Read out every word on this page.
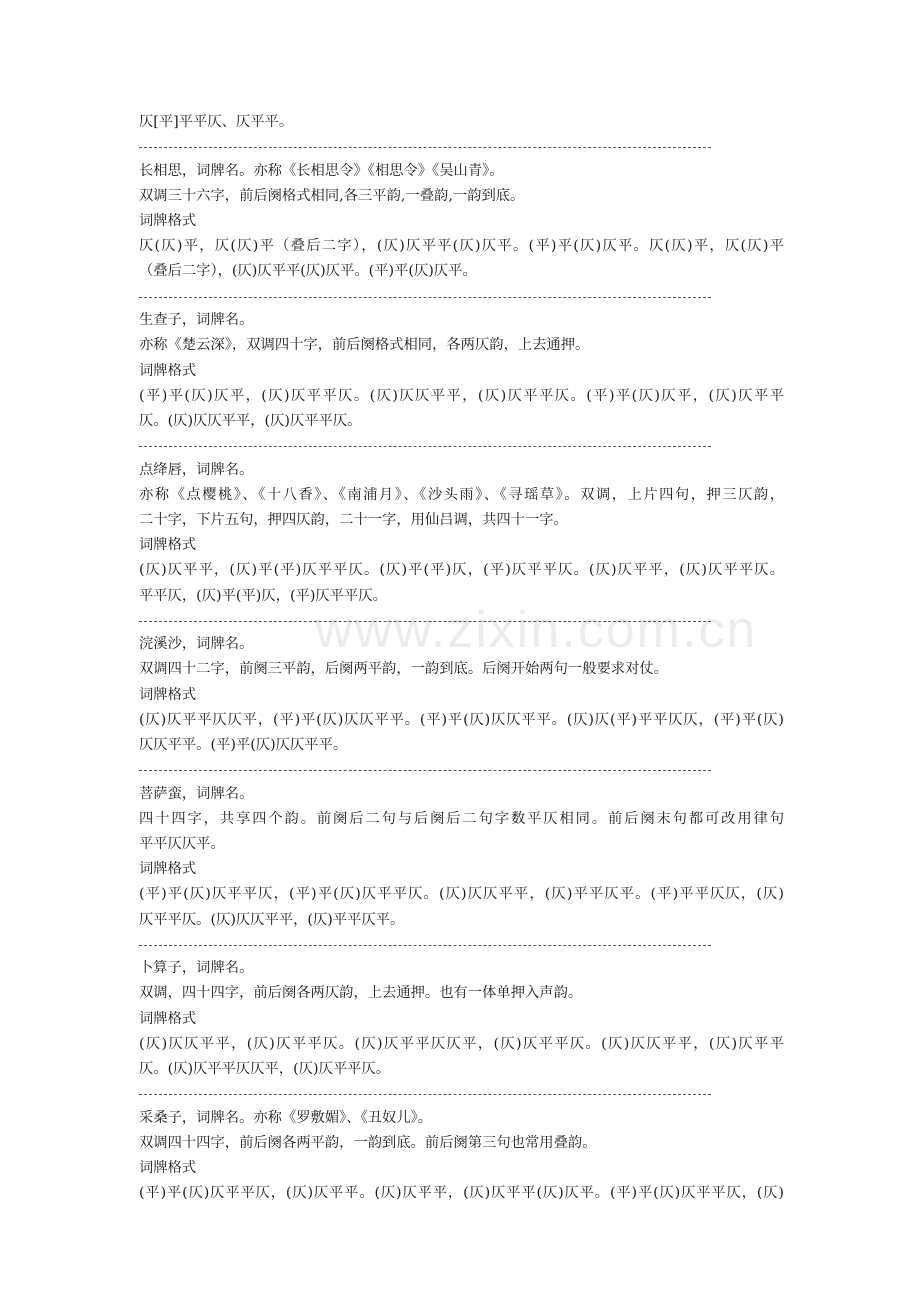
www.zixin.com.cn
仄[平]平平仄、仄平平。
长相思，词牌名。亦称《长相思令》《相思令》《吴山青》。
双调三十六字，前后阕格式相同,各三平韵,一叠韵,一韵到底。
词牌格式
仄(仄)平，仄(仄)平（叠后二字），(仄)仄平平(仄)仄平。(平)平(仄)仄平。仄(仄)平，仄(仄)平
（叠后二字），(仄)仄平平(仄)仄平。(平)平(仄)仄平。
生查子，词牌名。
亦称《楚云深》，双调四十字，前后阕格式相同，各两仄韵，上去通押。
词牌格式
(平)平(仄)仄平，(仄)仄平平仄。(仄)仄仄平平，(仄)仄平平仄。(平)平(仄)仄平，(仄)仄平平
仄。(仄)仄仄平平，(仄)仄平平仄。
点绛唇，词牌名。
亦称《点樱桃》、《十八香》、《南浦月》、《沙头雨》、《寻瑶草》。双调，上片四句，押三仄韵，
二十字，下片五句，押四仄韵，二十一字，用仙吕调，共四十一字。
词牌格式
(仄)仄平平，(仄)平(平)仄平平仄。(仄)平(平)仄，(平)仄平平仄。(仄)仄平平，(仄)仄平平仄。
平平仄，(仄)平(平)仄，(平)仄平平仄。
浣溪沙，词牌名。
双调四十二字，前阕三平韵，后阕两平韵，一韵到底。后阕开始两句一般要求对仗。
词牌格式
(仄)仄平平仄仄平，(平)平(仄)仄仄平平。(平)平(仄)仄仄平平。(仄)仄(平)平平仄仄，(平)平(仄)
仄仄平平。(平)平(仄)仄仄平平。
菩萨蛮，词牌名。
四十四字，共享四个韵。前阕后二句与后阕后二句字数平仄相同。前后阕末句都可改用律句
平平仄仄平。
词牌格式
(平)平(仄)仄平平仄，(平)平(仄)仄平平仄。(仄)仄仄平平，(仄)平平仄平。(平)平平仄仄，(仄)
仄平平仄。(仄)仄仄平平，(仄)平平仄平。
卜算子，词牌名。
双调，四十四字，前后阕各两仄韵，上去通押。也有一体单押入声韵。
词牌格式
(仄)仄仄平平，(仄)仄平平仄。(仄)仄平平仄仄平，(仄)仄平平仄。(仄)仄仄平平，(仄)仄平平
仄。(仄)仄平平仄仄平，(仄)仄平平仄。
采桑子，词牌名。亦称《罗敷媚》、《丑奴儿》。
双调四十四字，前后阕各两平韵，一韵到底。前后阕第三句也常用叠韵。
词牌格式
(平)平(仄)仄平平仄，(仄)仄平平。(仄)仄平平，(仄)仄平平(仄)仄平。(平)平(仄)仄平平仄，(仄)
